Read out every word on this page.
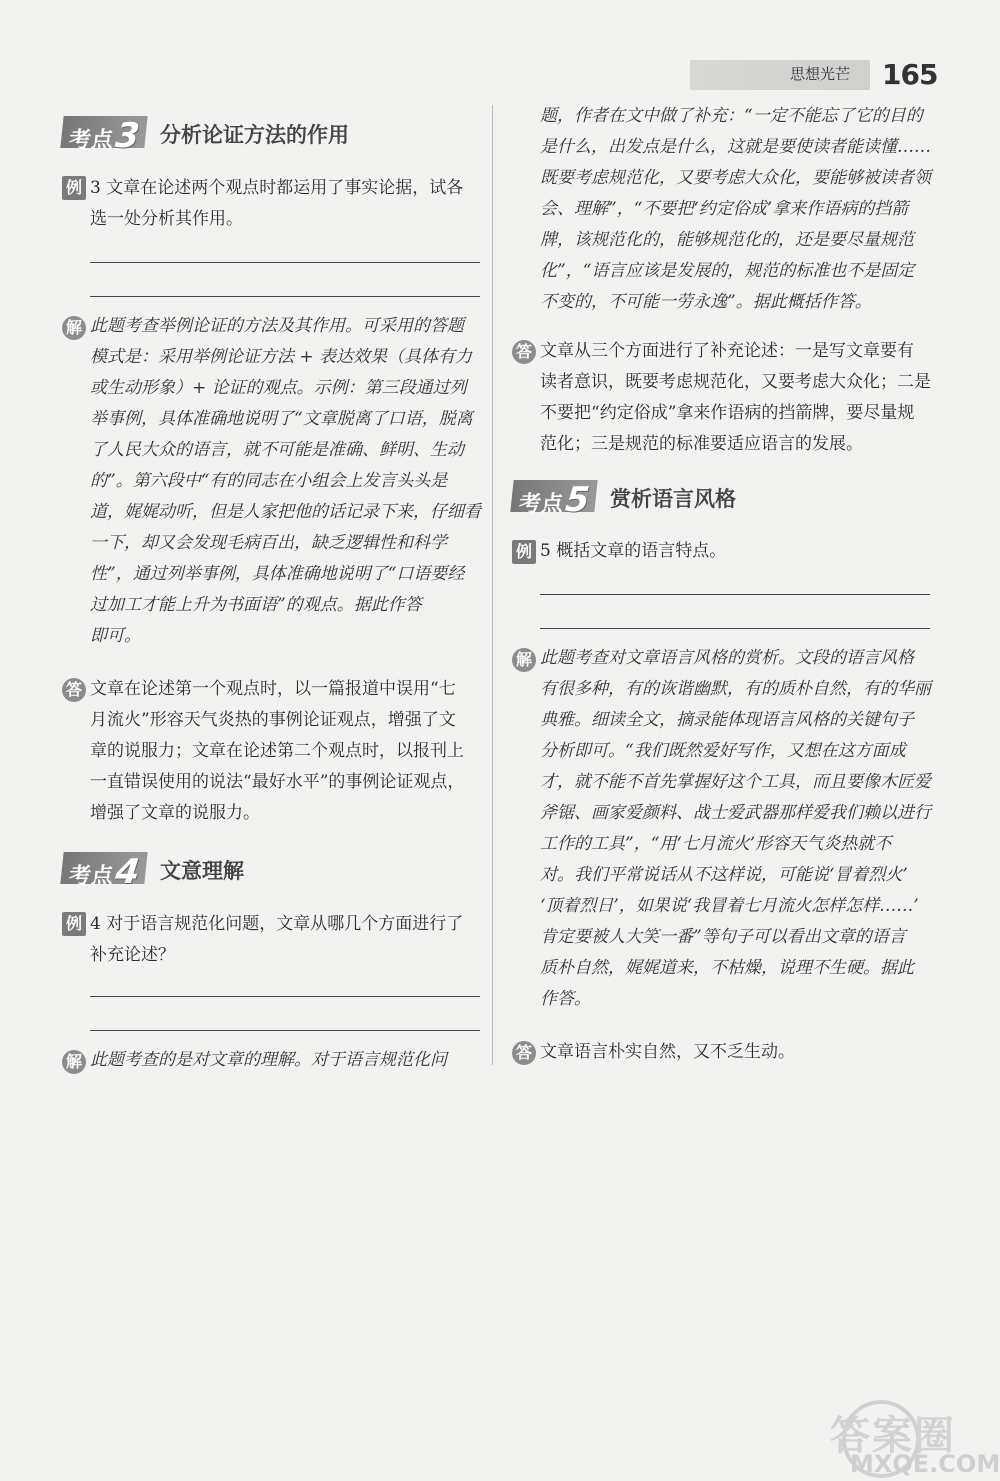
思想光芒 165
考点3 分析论证方法的作用
例 3 文章在论述两个观点时都运用了事实论据，试各
选一处分析其作用。
解 此题考查举例论证的方法及其作用。可采用的答题
模式是：采用举例论证方法 + 表达效果（具体有力
或生动形象）+ 论证的观点。示例：第三段通过列
举事例，具体准确地说明了“文章脱离了口语，脱离
了人民大众的语言，就不可能是准确、鲜明、生动
的”。第六段中“有的同志在小组会上发言头头是
道，娓娓动听，但是人家把他的话记录下来，仔细看
一下，却又会发现毛病百出，缺乏逻辑性和科学
性”，通过列举事例，具体准确地说明了“口语要经
过加工才能上升为书面语”的观点。据此作答
即可。
答 文章在论述第一个观点时，以一篇报道中误用“七
月流火”形容天气炎热的事例论证观点，增强了文
章的说服力；文章在论述第二个观点时，以报刊上
一直错误使用的说法“最好水平”的事例论证观点，
增强了文章的说服力。
考点4 文意理解
例 4 对于语言规范化问题，文章从哪几个方面进行了
补充论述？
解 此题考查的是对文章的理解。对于语言规范化问
题，作者在文中做了补充：“一定不能忘了它的目的
是什么，出发点是什么，这就是要使读者能读懂……
既要考虑规范化，又要考虑大众化，要能够被读者领
会、理解”，“不要把‘约定俗成’拿来作语病的挡箭
牌，该规范化的，能够规范化的，还是要尽量规范
化”，“语言应该是发展的，规范的标准也不是固定
不变的，不可能一劳永逸”。据此概括作答。
答 文章从三个方面进行了补充论述：一是写文章要有
读者意识，既要考虑规范化，又要考虑大众化；二是
不要把“约定俗成”拿来作语病的挡箭牌，要尽量规
范化；三是规范的标准要适应语言的发展。
考点5 赏析语言风格
例 5 概括文章的语言特点。
解 此题考查对文章语言风格的赏析。文段的语言风格
有很多种，有的诙谐幽默，有的质朴自然，有的华丽
典雅。细读全文，摘录能体现语言风格的关键句子
分析即可。“我们既然爱好写作，又想在这方面成
才，就不能不首先掌握好这个工具，而且要像木匠爱
斧锯、画家爱颜料、战士爱武器那样爱我们赖以进行
工作的工具”，“用‘七月流火’形容天气炎热就不
对。我们平常说话从不这样说，可能说‘冒着烈火’
‘顶着烈日’，如果说‘我冒着七月流火怎样怎样……’
肯定要被人大笑一番”等句子可以看出文章的语言
质朴自然，娓娓道来，不枯燥，说理不生硬。据此
作答。
答 文章语言朴实自然，又不乏生动。
答案圈
MXQE.COM
